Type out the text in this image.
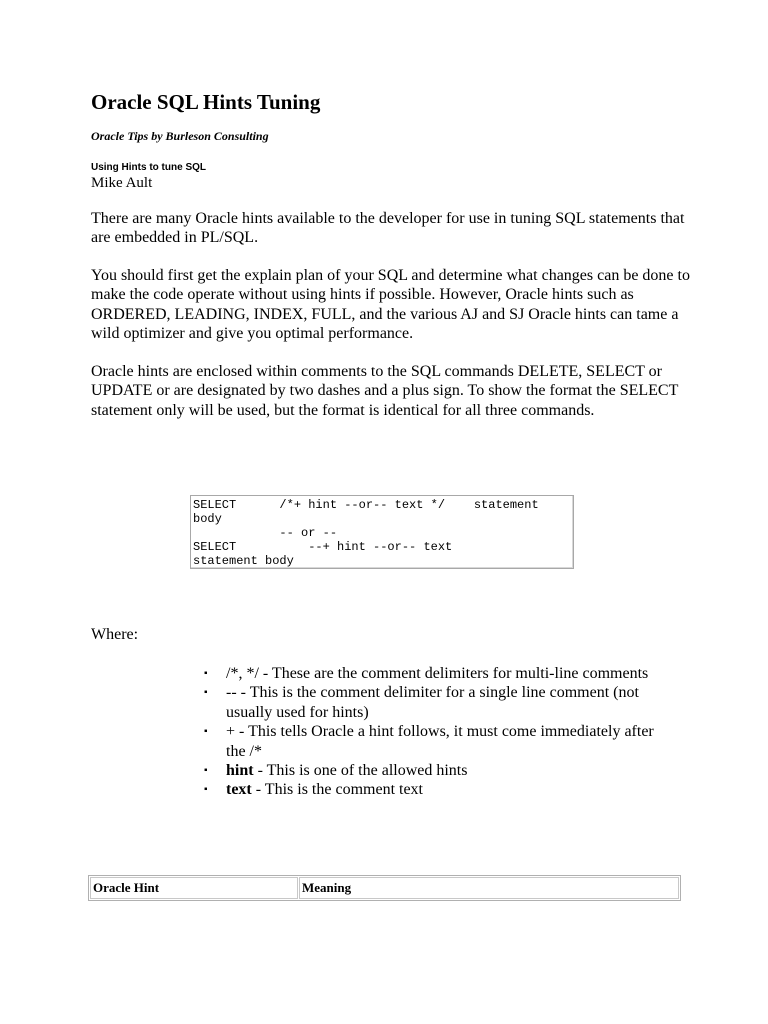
Oracle SQL Hints Tuning
Oracle Tips by Burleson Consulting
Using Hints to tune SQL
Mike Ault

There are many Oracle hints available to the developer for use in tuning SQL statements that are embedded in PL/SQL.

You should first get the explain plan of your SQL and determine what changes can be done to make the code operate without using hints if possible. However, Oracle hints such as ORDERED, LEADING, INDEX, FULL, and the various AJ and SJ Oracle hints can tame a wild optimizer and give you optimal performance.

Oracle hints are enclosed within comments to the SQL commands DELETE, SELECT or UPDATE or are designated by two dashes and a plus sign. To show the format the SELECT statement only will be used, but the format is identical for all three commands.

SELECT      /*+ hint --or-- text */    statement
body
-- or --
SELECT          --+ hint --or-- text
statement body
Where:
▪ /*, */ - These are the comment delimiters for multi-line comments
▪ -- - This is the comment delimiter for a single line comment (not usually used for hints)
▪ + - This tells Oracle a hint follows, it must come immediately after the /*
▪ hint - This is one of the allowed hints
▪ text - This is the comment text
Oracle Hint	Meaning
